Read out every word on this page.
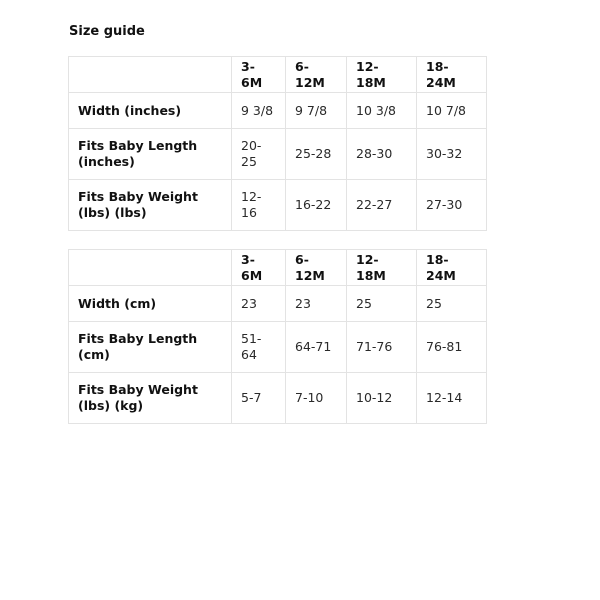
Size guide
	3-6M	6-12M	12-18M	18-24M
Width (inches)	9 3/8	9 7/8	10 3/8	10 7/8
Fits Baby Length (inches)	20-25	25-28	28-30	30-32
Fits Baby Weight (lbs) (lbs)	12-16	16-22	22-27	27-30
	3-6M	6-12M	12-18M	18-24M
Width (cm)	23	23	25	25
Fits Baby Length (cm)	51-64	64-71	71-76	76-81
Fits Baby Weight (lbs) (kg)	5-7	7-10	10-12	12-14
